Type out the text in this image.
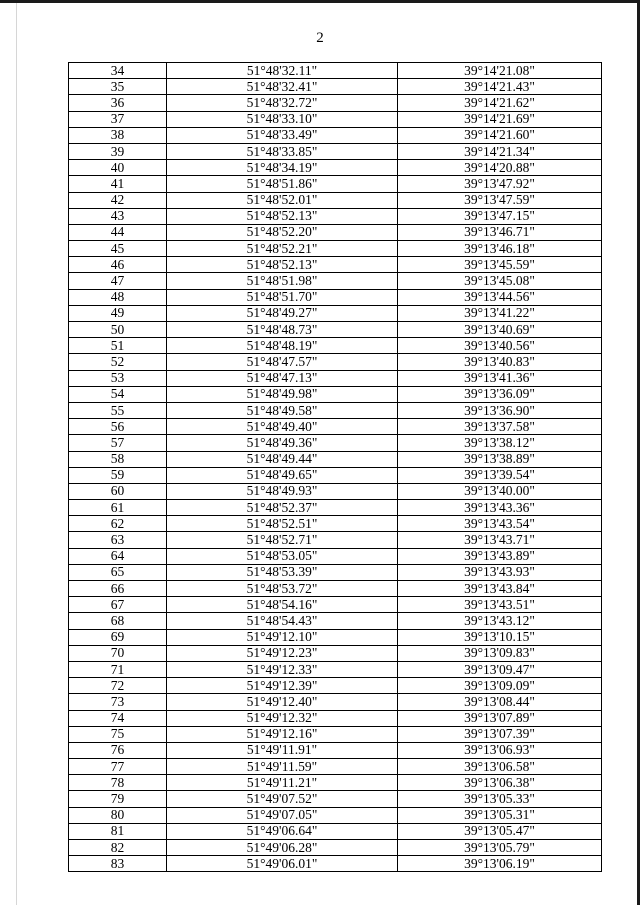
2
34	51°48'32.11"	39°14'21.08"
35	51°48'32.41"	39°14'21.43"
36	51°48'32.72"	39°14'21.62"
37	51°48'33.10"	39°14'21.69"
38	51°48'33.49"	39°14'21.60"
39	51°48'33.85"	39°14'21.34"
40	51°48'34.19"	39°14'20.88"
41	51°48'51.86"	39°13'47.92"
42	51°48'52.01"	39°13'47.59"
43	51°48'52.13"	39°13'47.15"
44	51°48'52.20"	39°13'46.71"
45	51°48'52.21"	39°13'46.18"
46	51°48'52.13"	39°13'45.59"
47	51°48'51.98"	39°13'45.08"
48	51°48'51.70"	39°13'44.56"
49	51°48'49.27"	39°13'41.22"
50	51°48'48.73"	39°13'40.69"
51	51°48'48.19"	39°13'40.56"
52	51°48'47.57"	39°13'40.83"
53	51°48'47.13"	39°13'41.36"
54	51°48'49.98"	39°13'36.09"
55	51°48'49.58"	39°13'36.90"
56	51°48'49.40"	39°13'37.58"
57	51°48'49.36"	39°13'38.12"
58	51°48'49.44"	39°13'38.89"
59	51°48'49.65"	39°13'39.54"
60	51°48'49.93"	39°13'40.00"
61	51°48'52.37"	39°13'43.36"
62	51°48'52.51"	39°13'43.54"
63	51°48'52.71"	39°13'43.71"
64	51°48'53.05"	39°13'43.89"
65	51°48'53.39"	39°13'43.93"
66	51°48'53.72"	39°13'43.84"
67	51°48'54.16"	39°13'43.51"
68	51°48'54.43"	39°13'43.12"
69	51°49'12.10"	39°13'10.15"
70	51°49'12.23"	39°13'09.83"
71	51°49'12.33"	39°13'09.47"
72	51°49'12.39"	39°13'09.09"
73	51°49'12.40"	39°13'08.44"
74	51°49'12.32"	39°13'07.89"
75	51°49'12.16"	39°13'07.39"
76	51°49'11.91"	39°13'06.93"
77	51°49'11.59"	39°13'06.58"
78	51°49'11.21"	39°13'06.38"
79	51°49'07.52"	39°13'05.33"
80	51°49'07.05"	39°13'05.31"
81	51°49'06.64"	39°13'05.47"
82	51°49'06.28"	39°13'05.79"
83	51°49'06.01"	39°13'06.19"
